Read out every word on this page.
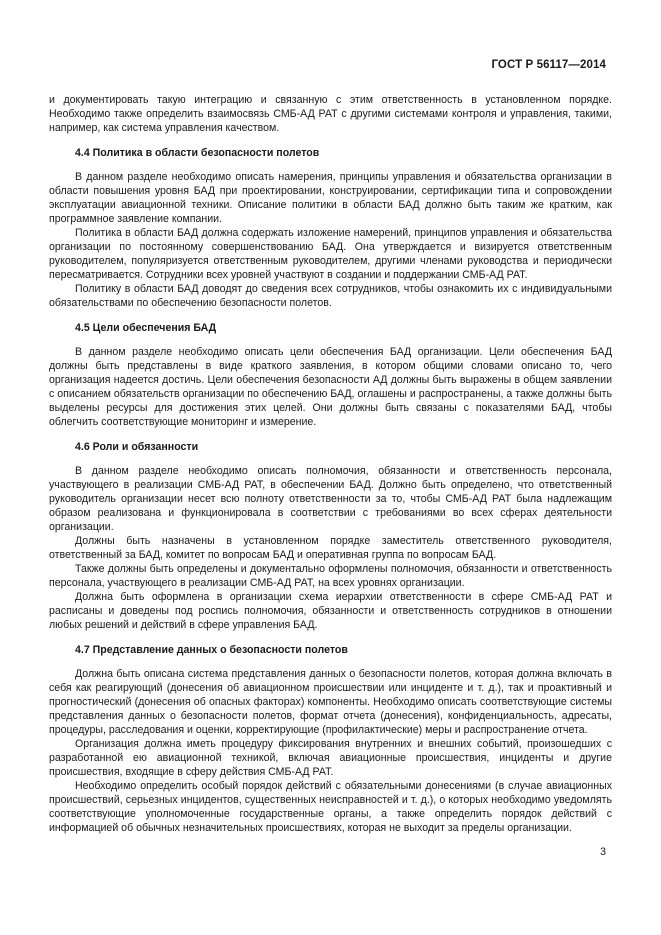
ГОСТ Р 56117—2014

и документировать такую интеграцию и связанную с этим ответственность в установленном порядке. Необходимо также определить взаимосвязь СМБ-АД РАТ с другими системами контроля и управления, такими, например, как система управления качеством.

4.4 Политика в области безопасности полетов

В данном разделе необходимо описать намерения, принципы управления и обязательства организации в области повышения уровня БАД при проектировании, конструировании, сертификации типа и сопровождении эксплуатации авиационной техники. Описание политики в области БАД должно быть таким же кратким, как программное заявление компании.

Политика в области БАД должна содержать изложение намерений, принципов управления и обязательства организации по постоянному совершенствованию БАД. Она утверждается и визируется ответственным руководителем, популяризуется ответственным руководителем, другими членами руководства и периодически пересматривается. Сотрудники всех уровней участвуют в создании и поддержании СМБ-АД РАТ.

Политику в области БАД доводят до сведения всех сотрудников, чтобы ознакомить их с индивидуальными обязательствами по обеспечению безопасности полетов.

4.5 Цели обеспечения БАД

В данном разделе необходимо описать цели обеспечения БАД организации. Цели обеспечения БАД должны быть представлены в виде краткого заявления, в котором общими словами описано то, чего организация надеется достичь. Цели обеспечения безопасности АД должны быть выражены в общем заявлении с описанием обязательств организации по обеспечению БАД, оглашены и распространены, а также должны быть выделены ресурсы для достижения этих целей. Они должны быть связаны с показателями БАД, чтобы облегчить соответствующие мониторинг и измерение.

4.6 Роли и обязанности

В данном разделе необходимо описать полномочия, обязанности и ответственность персонала, участвующего в реализации СМБ-АД РАТ, в обеспечении БАД. Должно быть определено, что ответственный руководитель организации несет всю полноту ответственности за то, чтобы СМБ-АД РАТ была надлежащим образом реализована и функционировала в соответствии с требованиями во всех сферах деятельности организации.

Должны быть назначены в установленном порядке заместитель ответственного руководителя, ответственный за БАД, комитет по вопросам БАД и оперативная группа по вопросам БАД.

Также должны быть определены и документально оформлены полномочия, обязанности и ответственность персонала, участвующего в реализации СМБ-АД РАТ, на всех уровнях организации.

Должна быть оформлена в организации схема иерархии ответственности в сфере СМБ-АД РАТ и расписаны и доведены под роспись полномочия, обязанности и ответственность сотрудников в отношении любых решений и действий в сфере управления БАД.

4.7 Представление данных о безопасности полетов

Должна быть описана система представления данных о безопасности полетов, которая должна включать в себя как реагирующий (донесения об авиационном происшествии или инциденте и т. д.), так и проактивный и прогностический (донесения об опасных факторах) компоненты. Необходимо описать соответствующие системы представления данных о безопасности полетов, формат отчета (донесения), конфиденциальность, адресаты, процедуры, расследования и оценки, корректирующие (профилактические) меры и распространение отчета.

Организация должна иметь процедуру фиксирования внутренних и внешних событий, произошедших с разработанной ею авиационной техникой, включая авиационные происшествия, инциденты и другие происшествия, входящие в сферу действия СМБ-АД РАТ.

Необходимо определить особый порядок действий с обязательными донесениями (в случае авиационных происшествий, серьезных инцидентов, существенных неисправностей и т. д.), о которых необходимо уведомлять соответствующие уполномоченные государственные органы, а также определить порядок действий с информацией об обычных незначительных происшествиях, которая не выходит за пределы организации.

3
